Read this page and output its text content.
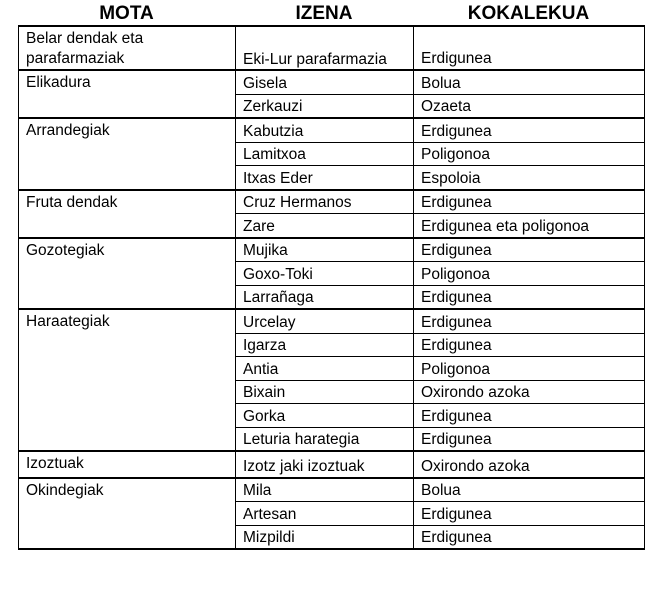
MOTA	IZENA	KOKALEKUA
Belar dendak eta parafarmaziak	Eki-Lur parafarmazia	Erdigunea
Elikadura	Gisela	Bolua
	Zerkauzi	Ozaeta
Arrandegiak	Kabutzia	Erdigunea
	Lamitxoa	Poligonoa
	Itxas Eder	Espoloia
Fruta dendak	Cruz Hermanos	Erdigunea
	Zare	Erdigunea eta poligonoa
Gozotegiak	Mujika	Erdigunea
	Goxo-Toki	Poligonoa
	Larrañaga	Erdigunea
Haraategiak	Urcelay	Erdigunea
	Igarza	Erdigunea
	Antia	Poligonoa
	Bixain	Oxirondo azoka
	Gorka	Erdigunea
	Leturia harategia	Erdigunea
Izoztuak	Izotz jaki izoztuak	Oxirondo azoka
Okindegiak	Mila	Bolua
	Artesan	Erdigunea
	Mizpildi	Erdigunea
